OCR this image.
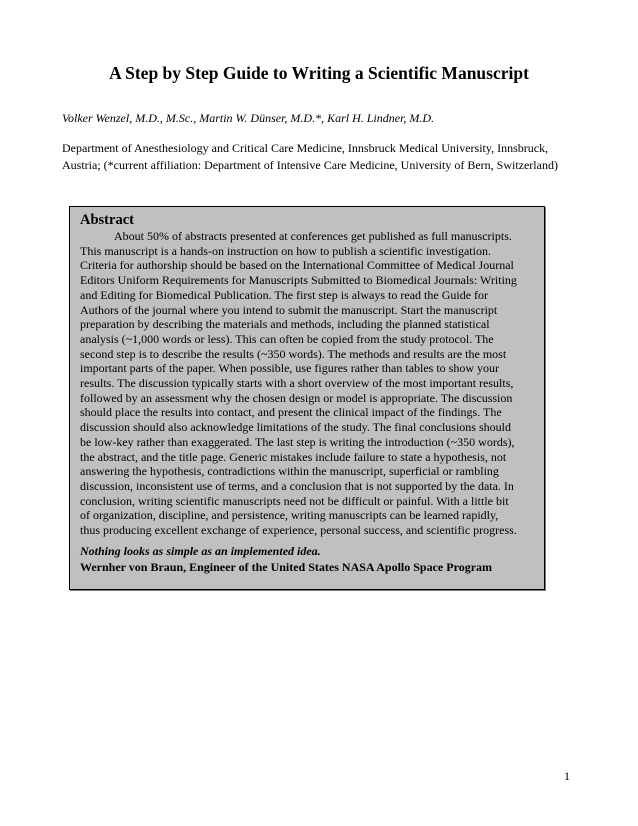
A Step by Step Guide to Writing a Scientific Manuscript
Volker Wenzel, M.D., M.Sc., Martin W. Dünser, M.D.*, Karl H. Lindner, M.D.
Department of Anesthesiology and Critical Care Medicine, Innsbruck Medical University, Innsbruck,
Austria; (*current affiliation: Department of Intensive Care Medicine, University of Bern, Switzerland)
Abstract
About 50% of abstracts presented at conferences get published as full manuscripts.
This manuscript is a hands-on instruction on how to publish a scientific investigation.
Criteria for authorship should be based on the International Committee of Medical Journal
Editors Uniform Requirements for Manuscripts Submitted to Biomedical Journals: Writing
and Editing for Biomedical Publication. The first step is always to read the Guide for
Authors of the journal where you intend to submit the manuscript. Start the manuscript
preparation by describing the materials and methods, including the planned statistical
analysis (~1,000 words or less). This can often be copied from the study protocol. The
second step is to describe the results (~350 words). The methods and results are the most
important parts of the paper. When possible, use figures rather than tables to show your
results. The discussion typically starts with a short overview of the most important results,
followed by an assessment why the chosen design or model is appropriate. The discussion
should place the results into contact, and present the clinical impact of the findings. The
discussion should also acknowledge limitations of the study. The final conclusions should
be low-key rather than exaggerated. The last step is writing the introduction (~350 words),
the abstract, and the title page. Generic mistakes include failure to state a hypothesis, not
answering the hypothesis, contradictions within the manuscript, superficial or rambling
discussion, inconsistent use of terms, and a conclusion that is not supported by the data. In
conclusion, writing scientific manuscripts need not be difficult or painful. With a little bit
of organization, discipline, and persistence, writing manuscripts can be learned rapidly,
thus producing excellent exchange of experience, personal success, and scientific progress.
Nothing looks as simple as an implemented idea.
Wernher von Braun, Engineer of the United States NASA Apollo Space Program
1
